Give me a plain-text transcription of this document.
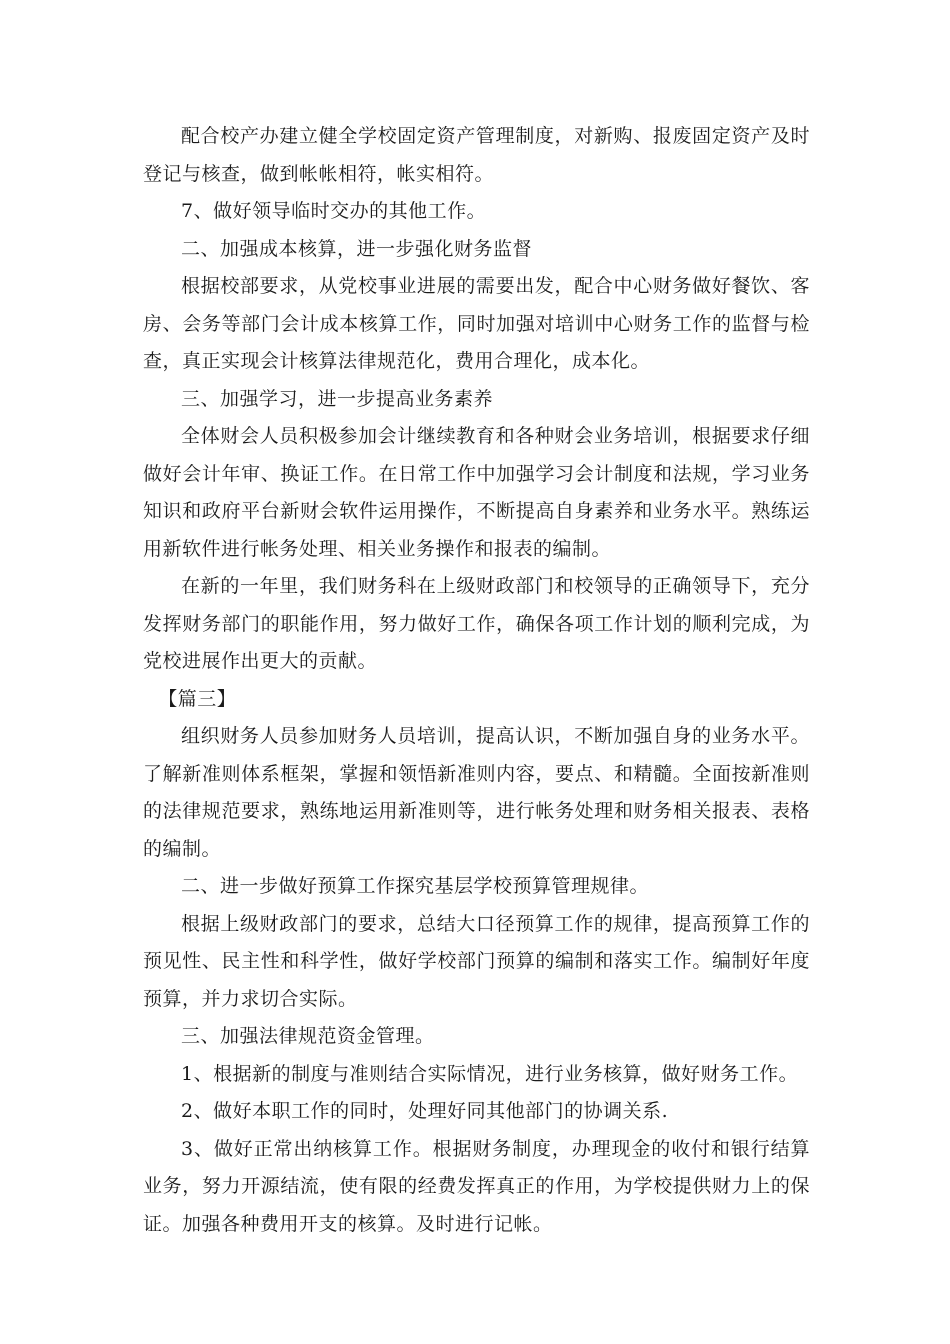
配合校产办建立健全学校固定资产管理制度，对新购、报废固定资产及时登记与核查，做到帐帐相符，帐实相符。

7、做好领导临时交办的其他工作。

二、加强成本核算，进一步强化财务监督

根据校部要求，从党校事业进展的需要出发，配合中心财务做好餐饮、客房、会务等部门会计成本核算工作，同时加强对培训中心财务工作的监督与检查，真正实现会计核算法律规范化，费用合理化，成本化。

三、加强学习，进一步提高业务素养

全体财会人员积极参加会计继续教育和各种财会业务培训，根据要求仔细做好会计年审、换证工作。在日常工作中加强学习会计制度和法规，学习业务知识和政府平台新财会软件运用操作，不断提高自身素养和业务水平。熟练运用新软件进行帐务处理、相关业务操作和报表的编制。

在新的一年里，我们财务科在上级财政部门和校领导的正确领导下，充分发挥财务部门的职能作用，努力做好工作，确保各项工作计划的顺利完成，为党校进展作出更大的贡献。

【篇三】

组织财务人员参加财务人员培训，提高认识，不断加强自身的业务水平。了解新准则体系框架，掌握和领悟新准则内容，要点、和精髓。全面按新准则的法律规范要求，熟练地运用新准则等，进行帐务处理和财务相关报表、表格的编制。

二、进一步做好预算工作探究基层学校预算管理规律。

根据上级财政部门的要求，总结大口径预算工作的规律，提高预算工作的预见性、民主性和科学性，做好学校部门预算的编制和落实工作。编制好年度预算，并力求切合实际。

三、加强法律规范资金管理。

1、根据新的制度与准则结合实际情况，进行业务核算，做好财务工作。

2、做好本职工作的同时，处理好同其他部门的协调关系.

3、做好正常出纳核算工作。根据财务制度，办理现金的收付和银行结算业务，努力开源结流，使有限的经费发挥真正的作用，为学校提供财力上的保证。加强各种费用开支的核算。及时进行记帐。
